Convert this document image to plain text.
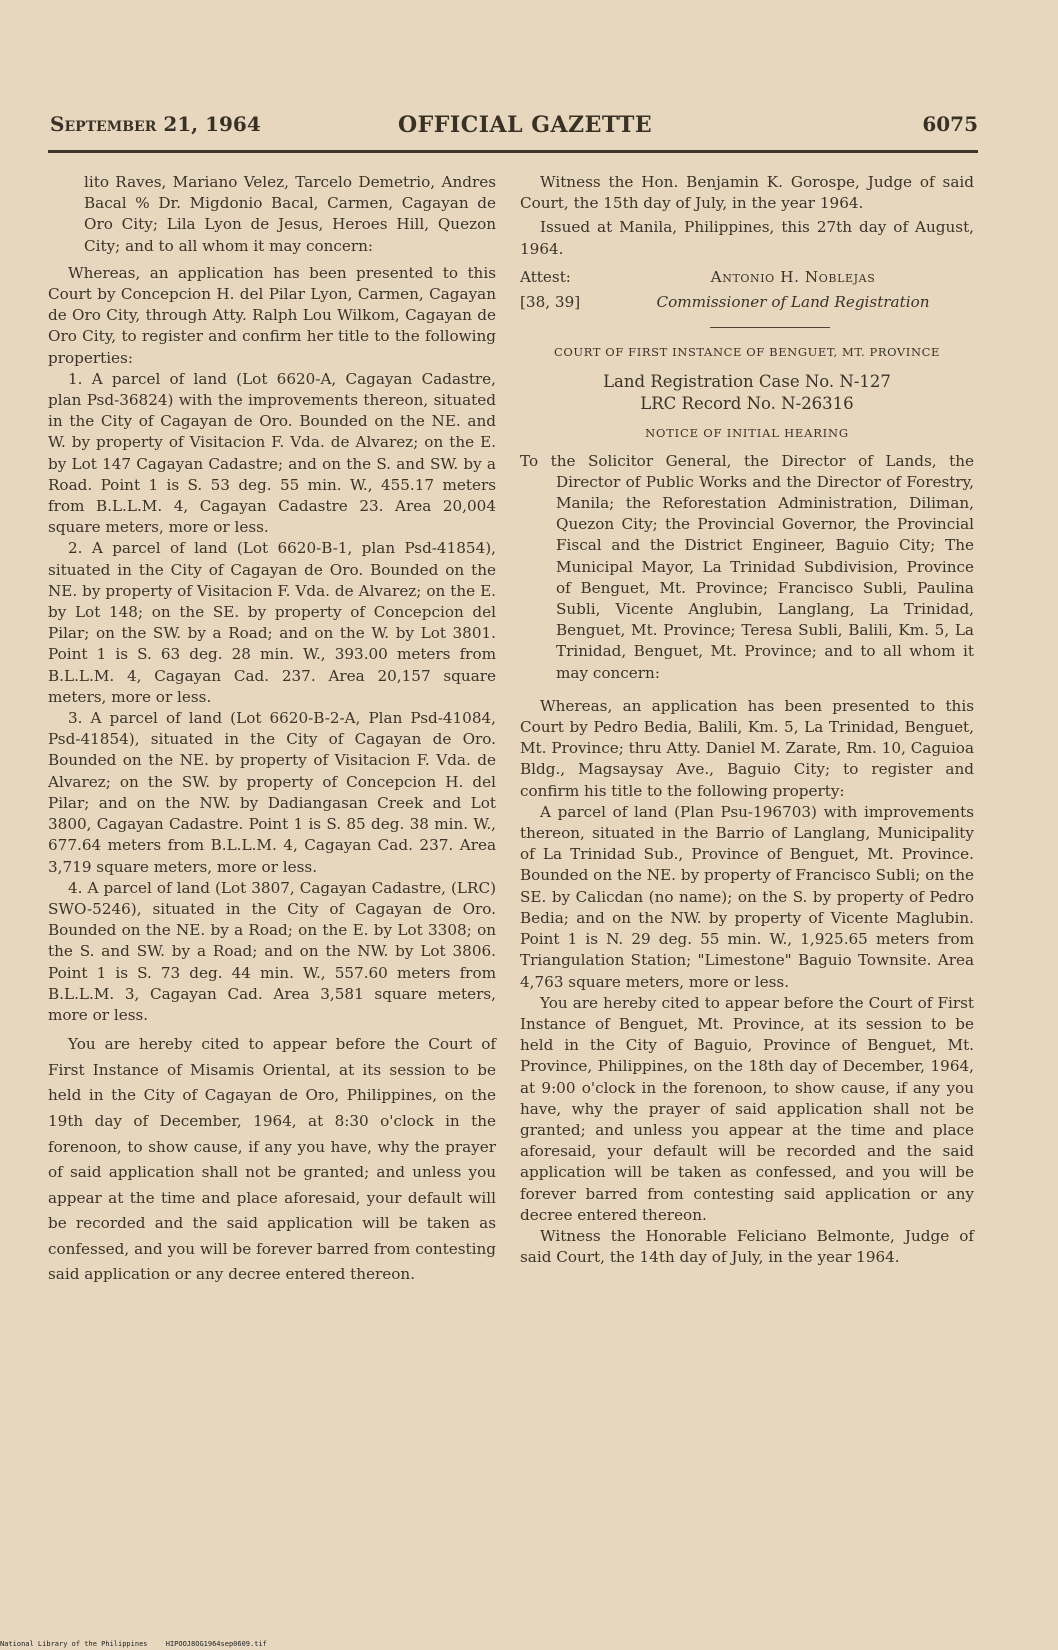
September 21, 1964	OFFICIAL GAZETTE	6075

lito Raves, Mariano Velez, Tarcelo Demetrio, Andres Bacal % Dr. Migdonio Bacal, Carmen, Cagayan de Oro City; Lila Lyon de Jesus, Heroes Hill, Quezon City; and to all whom it may concern:

Whereas, an application has been presented to this Court by Concepcion H. del Pilar Lyon, Carmen, Cagayan de Oro City, through Atty. Ralph Lou Wilkom, Cagayan de Oro City, to register and confirm her title to the following properties:

1. A parcel of land (Lot 6620-A, Cagayan Cadastre, plan Psd-36824) with the improvements thereon, situated in the City of Cagayan de Oro. Bounded on the NE. and W. by property of Visitacion F. Vda. de Alvarez; on the E. by Lot 147 Cagayan Cadastre; and on the S. and SW. by a Road. Point 1 is S. 53 deg. 55 min. W., 455.17 meters from B.L.L.M. 4, Cagayan Cadastre 23. Area 20,004 square meters, more or less.

2. A parcel of land (Lot 6620-B-1, plan Psd-41854), situated in the City of Cagayan de Oro. Bounded on the NE. by property of Visitacion F. Vda. de Alvarez; on the E. by Lot 148; on the SE. by property of Concepcion del Pilar; on the SW. by a Road; and on the W. by Lot 3801. Point 1 is S. 63 deg. 28 min. W., 393.00 meters from B.L.L.M. 4, Cagayan Cad. 237. Area 20,157 square meters, more or less.

3. A parcel of land (Lot 6620-B-2-A, Plan Psd-41084, Psd-41854), situated in the City of Cagayan de Oro. Bounded on the NE. by property of Visitacion F. Vda. de Alvarez; on the SW. by property of Concepcion H. del Pilar; and on the NW. by Dadiangasan Creek and Lot 3800, Cagayan Cadastre. Point 1 is S. 85 deg. 38 min. W., 677.64 meters from B.L.L.M. 4, Cagayan Cad. 237. Area 3,719 square meters, more or less.

4. A parcel of land (Lot 3807, Cagayan Cadastre, (LRC) SWO-5246), situated in the City of Cagayan de Oro. Bounded on the NE. by a Road; on the E. by Lot 3308; on the S. and SW. by a Road; and on the NW. by Lot 3806. Point 1 is S. 73 deg. 44 min. W., 557.60 meters from B.L.L.M. 3, Cagayan Cad. Area 3,581 square meters, more or less.

You are hereby cited to appear before the Court of First Instance of Misamis Oriental, at its session to be held in the City of Cagayan de Oro, Philippines, on the 19th day of December, 1964, at 8:30 o'clock in the forenoon, to show cause, if any you have, why the prayer of said application shall not be granted; and unless you appear at the time and place aforesaid, your default will be recorded and the said application will be taken as confessed, and you will be forever barred from contesting said application or any decree entered thereon.

Witness the Hon. Benjamin K. Gorospe, Judge of said Court, the 15th day of July, in the year 1964.

Issued at Manila, Philippines, this 27th day of August, 1964.

Attest:	Antonio H. Noblejas
[38, 39]	Commissioner of Land Registration

COURT OF FIRST INSTANCE OF BENGUET, MT. PROVINCE

Land Registration Case No. N-127

LRC Record No. N-26316

NOTICE OF INITIAL HEARING

To the Solicitor General, the Director of Lands, the Director of Public Works and the Director of Forestry, Manila; the Reforestation Administration, Diliman, Quezon City; the Provincial Governor, the Provincial Fiscal and the District Engineer, Baguio City; The Municipal Mayor, La Trinidad Subdivision, Province of Benguet, Mt. Province; Francisco Subli, Paulina Subli, Vicente Anglubin, Langlang, La Trinidad, Benguet, Mt. Province; Teresa Subli, Balili, Km. 5, La Trinidad, Benguet, Mt. Province; and to all whom it may concern:

Whereas, an application has been presented to this Court by Pedro Bedia, Balili, Km. 5, La Trinidad, Benguet, Mt. Province; thru Atty. Daniel M. Zarate, Rm. 10, Caguioa Bldg., Magsaysay Ave., Baguio City; to register and confirm his title to the following property:

A parcel of land (Plan Psu-196703) with improvements thereon, situated in the Barrio of Langlang, Municipality of La Trinidad Sub., Province of Benguet, Mt. Province. Bounded on the NE. by property of Francisco Subli; on the SE. by Calicdan (no name); on the S. by property of Pedro Bedia; and on the NW. by property of Vicente Maglubin. Point 1 is N. 29 deg. 55 min. W., 1,925.65 meters from Triangulation Station; "Limestone" Baguio Townsite. Area 4,763 square meters, more or less.

You are hereby cited to appear before the Court of First Instance of Benguet, Mt. Province, at its session to be held in the City of Baguio, Province of Benguet, Mt. Province, Philippines, on the 18th day of December, 1964, at 9:00 o'clock in the forenoon, to show cause, if any you have, why the prayer of said application shall not be granted; and unless you appear at the time and place aforesaid, your default will be recorded and the said application will be taken as confessed, and you will be forever barred from contesting said application or any decree entered thereon.

Witness the Honorable Feliciano Belmonte, Judge of said Court, the 14th day of July, in the year 1964.

National Library of the Philippines	HIPOOJ8OG1964sep0609.tif
